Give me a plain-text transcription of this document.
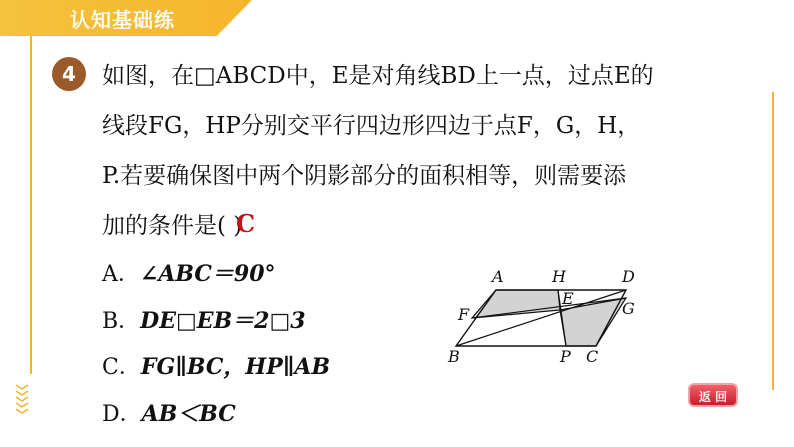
认知基础练
4	如图，在□ABCD中，E是对角线BD上一点，过点E的
线段FG，HP分别交平行四边形四边于点F，G，H，
P.若要确保图中两个阴影部分的面积相等，则需要添
加的条件是( )
C
A．∠ABC＝90°
B．DE□EB＝2□3
C．FG∥BC，HP∥AB
D．AB＜BC
A	H	D
E
G
F
B	P C
返 回
